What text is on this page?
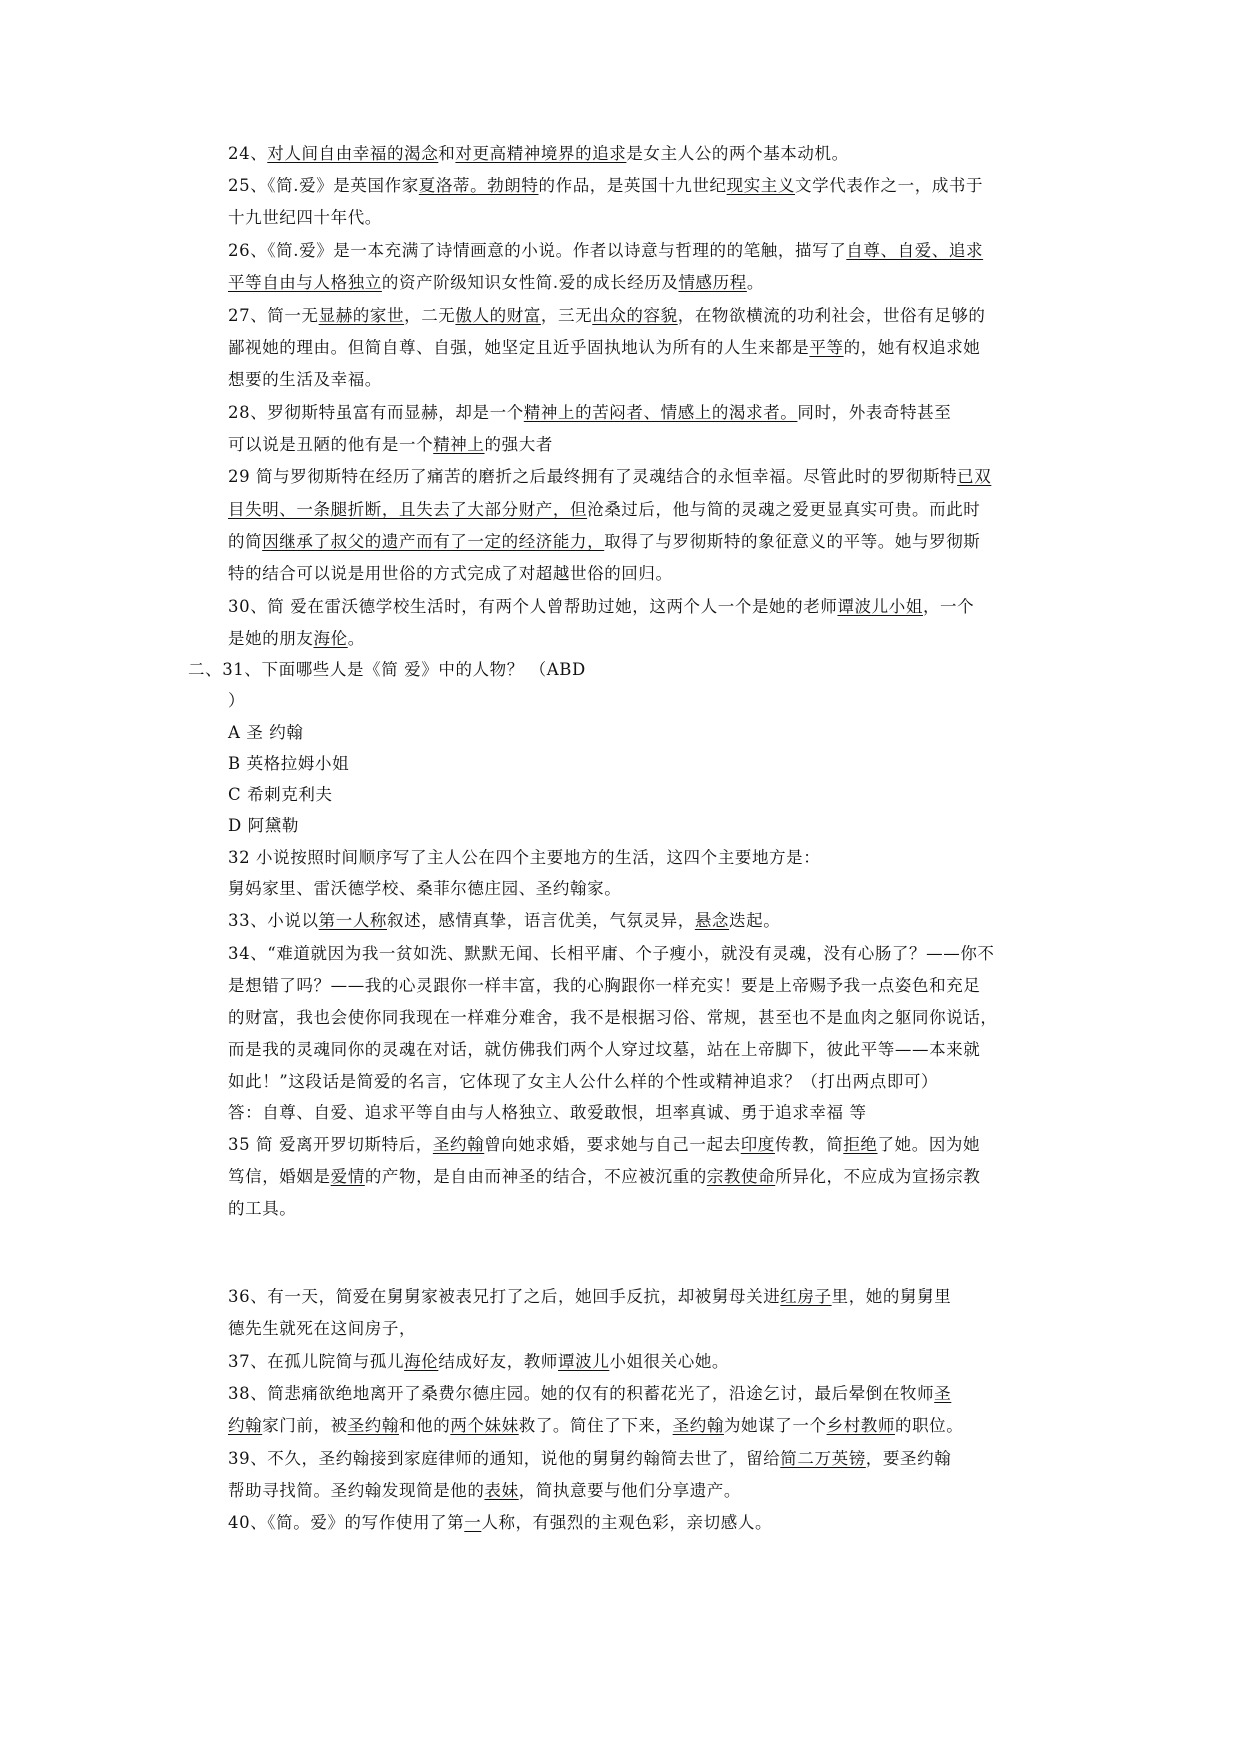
24、对人间自由幸福的渴念和对更高精神境界的追求是女主人公的两个基本动机。
25、《简.爱》是英国作家夏洛蒂。勃朗特的作品，是英国十九世纪现实主义文学代表作之一，成书于
十九世纪四十年代。
26、《简.爱》是一本充满了诗情画意的小说。作者以诗意与哲理的的笔触，描写了自尊、自爱、追求
平等自由与人格独立的资产阶级知识女性简.爱的成长经历及情感历程。
27、简一无显赫的家世，二无傲人的财富，三无出众的容貌，在物欲横流的功利社会，世俗有足够的
鄙视她的理由。但简自尊、自强，她坚定且近乎固执地认为所有的人生来都是平等的，她有权追求她
想要的生活及幸福。
28、罗彻斯特虽富有而显赫，却是一个精神上的苦闷者、情感上的渴求者。同时，外表奇特甚至
可以说是丑陋的他有是一个精神上的强大者
29 简与罗彻斯特在经历了痛苦的磨折之后最终拥有了灵魂结合的永恒幸福。尽管此时的罗彻斯特已双
目失明、一条腿折断，且失去了大部分财产，但沧桑过后，他与简的灵魂之爱更显真实可贵。而此时
的简因继承了叔父的遗产而有了一定的经济能力，取得了与罗彻斯特的象征意义的平等。她与罗彻斯
特的结合可以说是用世俗的方式完成了对超越世俗的回归。
30、简 爱在雷沃德学校生活时，有两个人曾帮助过她，这两个人一个是她的老师谭波儿小姐，一个
是她的朋友海伦。
二、31、下面哪些人是《简 爱》中的人物？ （ABD
）
A 圣 约翰
B 英格拉姆小姐
C 希刺克利夫
D 阿黛勒
32 小说按照时间顺序写了主人公在四个主要地方的生活，这四个主要地方是：
舅妈家里、雷沃德学校、桑菲尔德庄园、圣约翰家。
33、小说以第一人称叙述，感情真挚，语言优美，气氛灵异，悬念迭起。
34、“难道就因为我一贫如洗、默默无闻、长相平庸、个子瘦小，就没有灵魂，没有心肠了？——你不
是想错了吗？——我的心灵跟你一样丰富，我的心胸跟你一样充实！要是上帝赐予我一点姿色和充足
的财富，我也会使你同我现在一样难分难舍，我不是根据习俗、常规，甚至也不是血肉之躯同你说话，
而是我的灵魂同你的灵魂在对话，就仿佛我们两个人穿过坟墓，站在上帝脚下，彼此平等——本来就
如此！”这段话是简爱的名言，它体现了女主人公什么样的个性或精神追求？（打出两点即可）
答：自尊、自爱、追求平等自由与人格独立、敢爱敢恨，坦率真诚、勇于追求幸福 等
35 简 爱离开罗切斯特后，圣约翰曾向她求婚，要求她与自己一起去印度传教，简拒绝了她。因为她
笃信，婚姻是爱情的产物，是自由而神圣的结合，不应被沉重的宗教使命所异化，不应成为宣扬宗教
的工具。
36、有一天，简爱在舅舅家被表兄打了之后，她回手反抗，却被舅母关进红房子里，她的舅舅里
德先生就死在这间房子，
37、在孤儿院简与孤儿海伦结成好友，教师谭波儿小姐很关心她。
38、简悲痛欲绝地离开了桑费尔德庄园。她的仅有的积蓄花光了，沿途乞讨，最后晕倒在牧师圣
约翰家门前，被圣约翰和他的两个妹妹救了。简住了下来，圣约翰为她谋了一个乡村教师的职位。
39、不久，圣约翰接到家庭律师的通知，说他的舅舅约翰简去世了，留给简二万英镑，要圣约翰
帮助寻找简。圣约翰发现简是他的表妹，简执意要与他们分享遗产。
40、《简。爱》的写作使用了第一人称，有强烈的主观色彩，亲切感人。
